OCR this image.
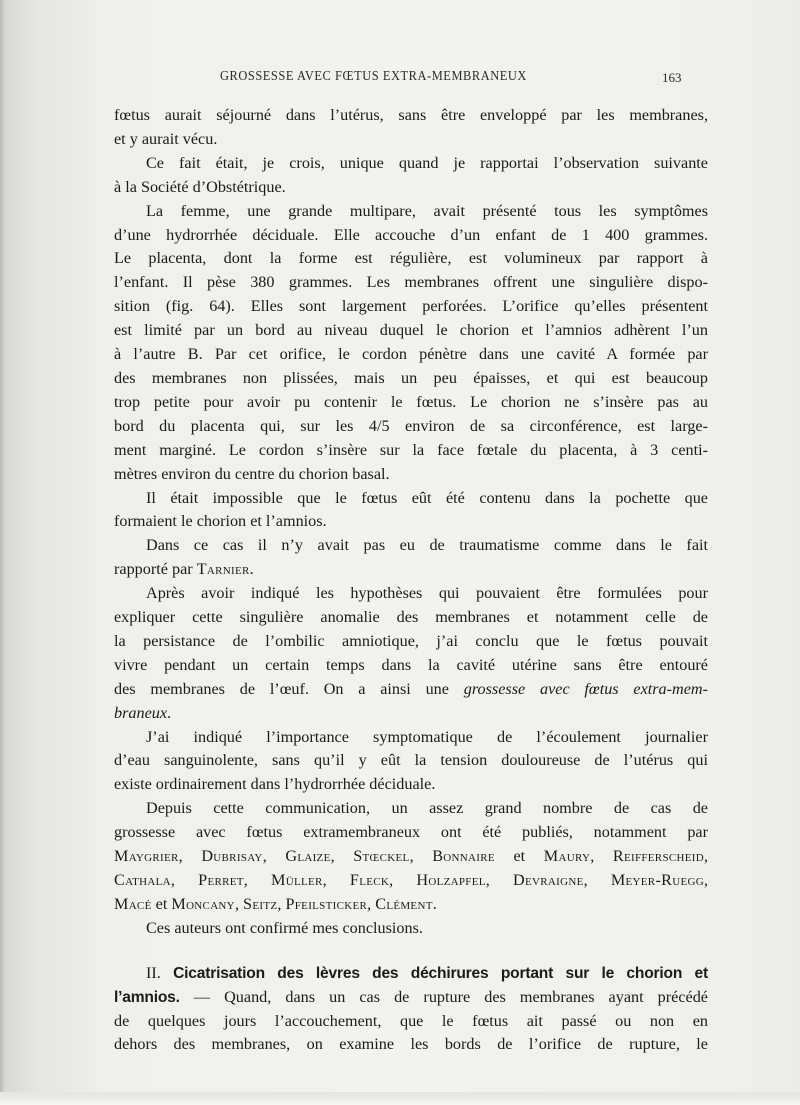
GROSSESSE AVEC FŒTUS EXTRA-MEMBRANEUX	163

fœtus aurait séjourné dans l’utérus, sans être enveloppé par les membranes,
et y aurait vécu.

Ce fait était, je crois, unique quand je rapportai l’observation suivante
à la Société d’Obstétrique.

La femme, une grande multipare, avait présenté tous les symptômes
d’une hydrorrhée déciduale. Elle accouche d’un enfant de 1 400 grammes.
Le placenta, dont la forme est régulière, est volumineux par rapport à
l’enfant. Il pèse 380 grammes. Les membranes offrent une singulière dispo-
sition (fig. 64). Elles sont largement perforées. L’orifice qu’elles présentent
est limité par un bord au niveau duquel le chorion et l’amnios adhèrent l’un
à l’autre B. Par cet orifice, le cordon pénètre dans une cavité A formée par
des membranes non plissées, mais un peu épaisses, et qui est beaucoup
trop petite pour avoir pu contenir le fœtus. Le chorion ne s’insère pas au
bord du placenta qui, sur les 4/5 environ de sa circonférence, est large-
ment marginé. Le cordon s’insère sur la face fœtale du placenta, à 3 centi-
mètres environ du centre du chorion basal.

Il était impossible que le fœtus eût été contenu dans la pochette que
formaient le chorion et l’amnios.

Dans ce cas il n’y avait pas eu de traumatisme comme dans le fait
rapporté par Tarnier.

Après avoir indiqué les hypothèses qui pouvaient être formulées pour
expliquer cette singulière anomalie des membranes et notamment celle de
la persistance de l’ombilic amniotique, j’ai conclu que le fœtus pouvait
vivre pendant un certain temps dans la cavité utérine sans être entouré
des membranes de l’œuf. On a ainsi une grossesse avec fœtus extra-mem-
braneux.

J’ai indiqué l’importance symptomatique de l’écoulement journalier
d’eau sanguinolente, sans qu’il y eût la tension douloureuse de l’utérus qui
existe ordinairement dans l’hydrorrhée déciduale.

Depuis cette communication, un assez grand nombre de cas de
grossesse avec fœtus extramembraneux ont été publiés, notamment par
Maygrier, Dubrisay, Glaize, Stœckel, Bonnaire et Maury, Reifferscheid,
Cathala, Perret, Müller, Fleck, Holzapfel, Devraigne, Meyer-Ruegg,
Macé et Moncany, Seitz, Pfeilsticker, Clément.

Ces auteurs ont confirmé mes conclusions.

II. Cicatrisation des lèvres des déchirures portant sur le chorion et
l’amnios. — Quand, dans un cas de rupture des membranes ayant précédé
de quelques jours l’accouchement, que le fœtus ait passé ou non en
dehors des membranes, on examine les bords de l’orifice de rupture, le
